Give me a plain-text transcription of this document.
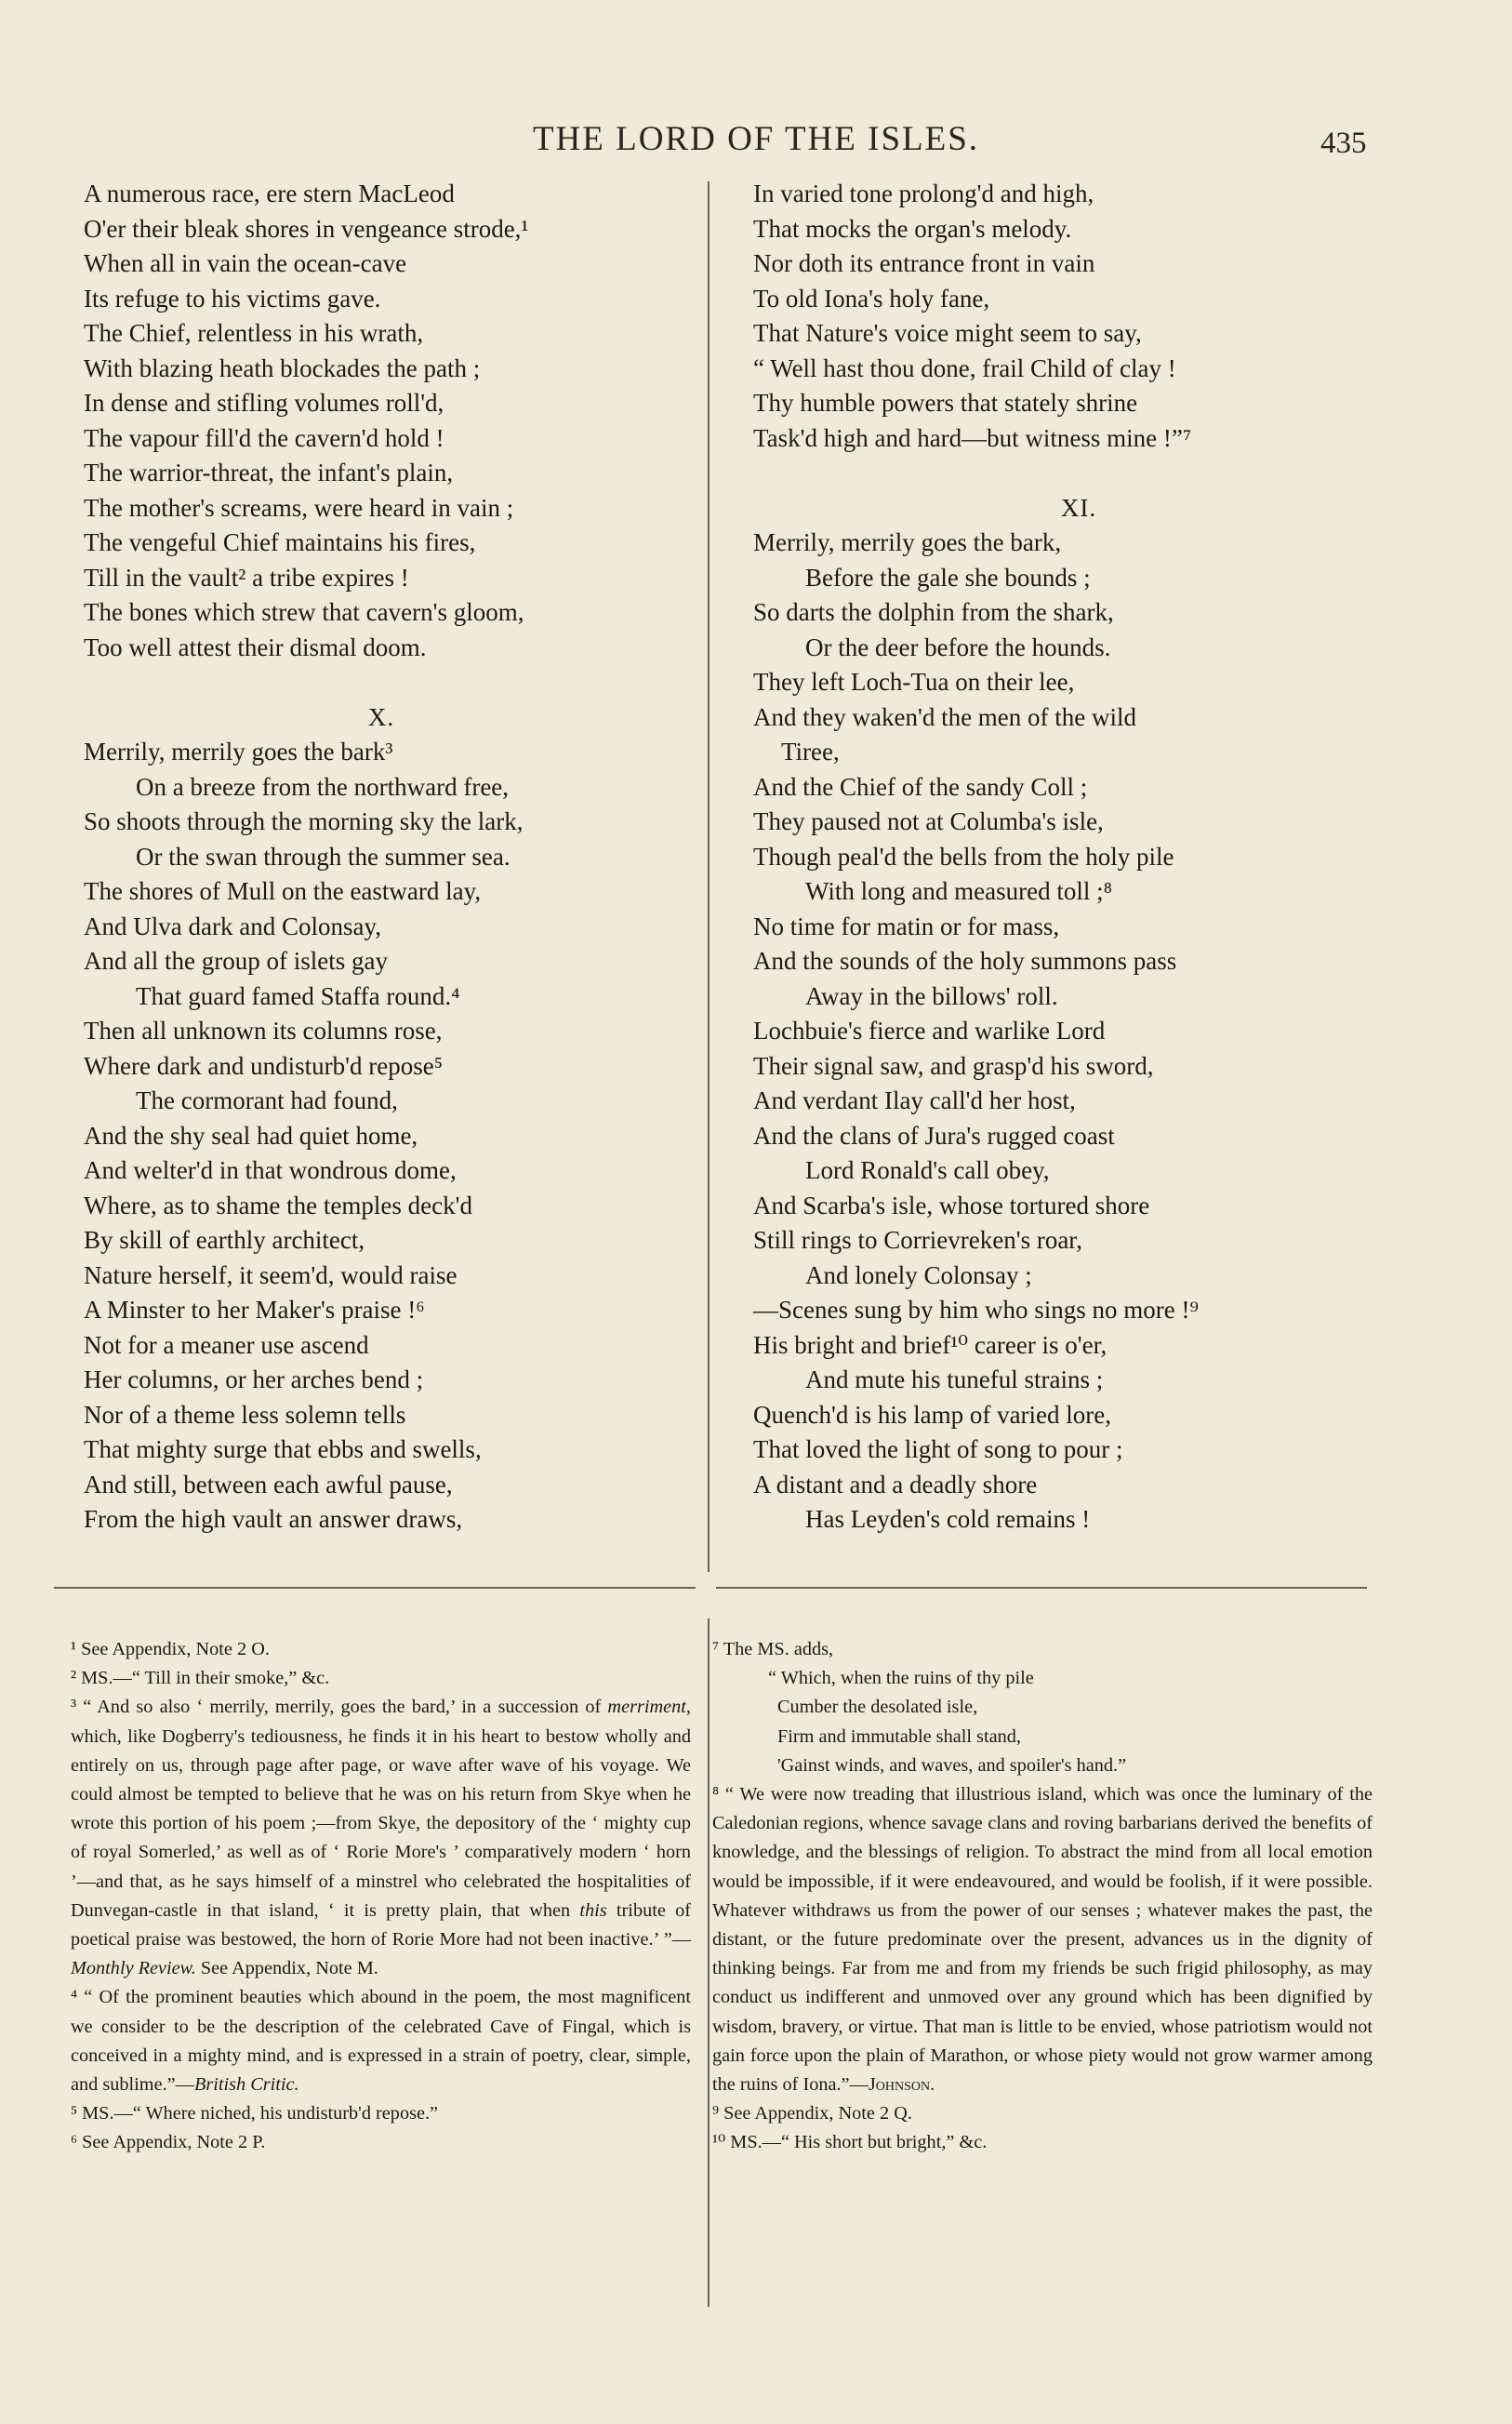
THE LORD OF THE ISLES.	435
A numerous race, ere stern MacLeod
O'er their bleak shores in vengeance strode,¹
When all in vain the ocean-cave
Its refuge to his victims gave.
The Chief, relentless in his wrath,
With blazing heath blockades the path ;
In dense and stifling volumes roll'd,
The vapour fill'd the cavern'd hold !
The warrior-threat, the infant's plain,
The mother's screams, were heard in vain ;
The vengeful Chief maintains his fires,
Till in the vault² a tribe expires !
The bones which strew that cavern's gloom,
Too well attest their dismal doom.
X.
Merrily, merrily goes the bark³
On a breeze from the northward free,
So shoots through the morning sky the lark,
Or the swan through the summer sea.
The shores of Mull on the eastward lay,
And Ulva dark and Colonsay,
And all the group of islets gay
That guard famed Staffa round.⁴
Then all unknown its columns rose,
Where dark and undisturb'd repose⁵
The cormorant had found,
And the shy seal had quiet home,
And welter'd in that wondrous dome,
Where, as to shame the temples deck'd
By skill of earthly architect,
Nature herself, it seem'd, would raise
A Minster to her Maker's praise !⁶
Not for a meaner use ascend
Her columns, or her arches bend ;
Nor of a theme less solemn tells
That mighty surge that ebbs and swells,
And still, between each awful pause,
From the high vault an answer draws,
In varied tone prolong'd and high,
That mocks the organ's melody.
Nor doth its entrance front in vain
To old Iona's holy fane,
That Nature's voice might seem to say,
“ Well hast thou done, frail Child of clay !
Thy humble powers that stately shrine
Task'd high and hard—but witness mine !”⁷
XI.
Merrily, merrily goes the bark,
Before the gale she bounds ;
So darts the dolphin from the shark,
Or the deer before the hounds.
They left Loch-Tua on their lee,
And they waken'd the men of the wild
Tiree,
And the Chief of the sandy Coll ;
They paused not at Columba's isle,
Though peal'd the bells from the holy pile
With long and measured toll ;⁸
No time for matin or for mass,
And the sounds of the holy summons pass
Away in the billows' roll.
Lochbuie's fierce and warlike Lord
Their signal saw, and grasp'd his sword,
And verdant Ilay call'd her host,
And the clans of Jura's rugged coast
Lord Ronald's call obey,
And Scarba's isle, whose tortured shore
Still rings to Corrievreken's roar,
And lonely Colonsay ;
—Scenes sung by him who sings no more !⁹
His bright and brief¹⁰ career is o'er,
And mute his tuneful strains ;
Quench'd is his lamp of varied lore,
That loved the light of song to pour ;
A distant and a deadly shore
Has Leyden's cold remains !

¹ See Appendix, Note 2 O.

² MS.—“ Till in their smoke,” &c.

³ “ And so also ‘ merrily, merrily, goes the bard,’ in a succession of merriment, which, like Dogberry's tediousness, he finds it in his heart to bestow wholly and entirely on us, through page after page, or wave after wave of his voyage. We could almost be tempted to believe that he was on his return from Skye when he wrote this portion of his poem ;—from Skye, the depository of the ‘ mighty cup of royal Somerled,’ as well as of ‘ Rorie More's ’ comparatively modern ‘ horn ’—and that, as he says himself of a minstrel who celebrated the hospitalities of Dunvegan-castle in that island, ‘ it is pretty plain, that when this tribute of poetical praise was bestowed, the horn of Rorie More had not been inactive.’ ”—Monthly Review. See Appendix, Note M.

⁴ “ Of the prominent beauties which abound in the poem, the most magnificent we consider to be the description of the celebrated Cave of Fingal, which is conceived in a mighty mind, and is expressed in a strain of poetry, clear, simple, and sublime.”—British Critic.

⁵ MS.—“ Where niched, his undisturb'd repose.”

⁶ See Appendix, Note 2 P.

⁷ The MS. adds,

“ Which, when the ruins of thy pile

Cumber the desolated isle,

Firm and immutable shall stand,

'Gainst winds, and waves, and spoiler's hand.”

⁸ “ We were now treading that illustrious island, which was once the luminary of the Caledonian regions, whence savage clans and roving barbarians derived the benefits of knowledge, and the blessings of religion. To abstract the mind from all local emotion would be impossible, if it were endeavoured, and would be foolish, if it were possible. Whatever withdraws us from the power of our senses ; whatever makes the past, the distant, or the future predominate over the present, advances us in the dignity of thinking beings. Far from me and from my friends be such frigid philosophy, as may conduct us indifferent and unmoved over any ground which has been dignified by wisdom, bravery, or virtue. That man is little to be envied, whose patriotism would not gain force upon the plain of Marathon, or whose piety would not grow warmer among the ruins of Iona.”—Johnson.

⁹ See Appendix, Note 2 Q.

¹⁰ MS.—“ His short but bright,” &c.
